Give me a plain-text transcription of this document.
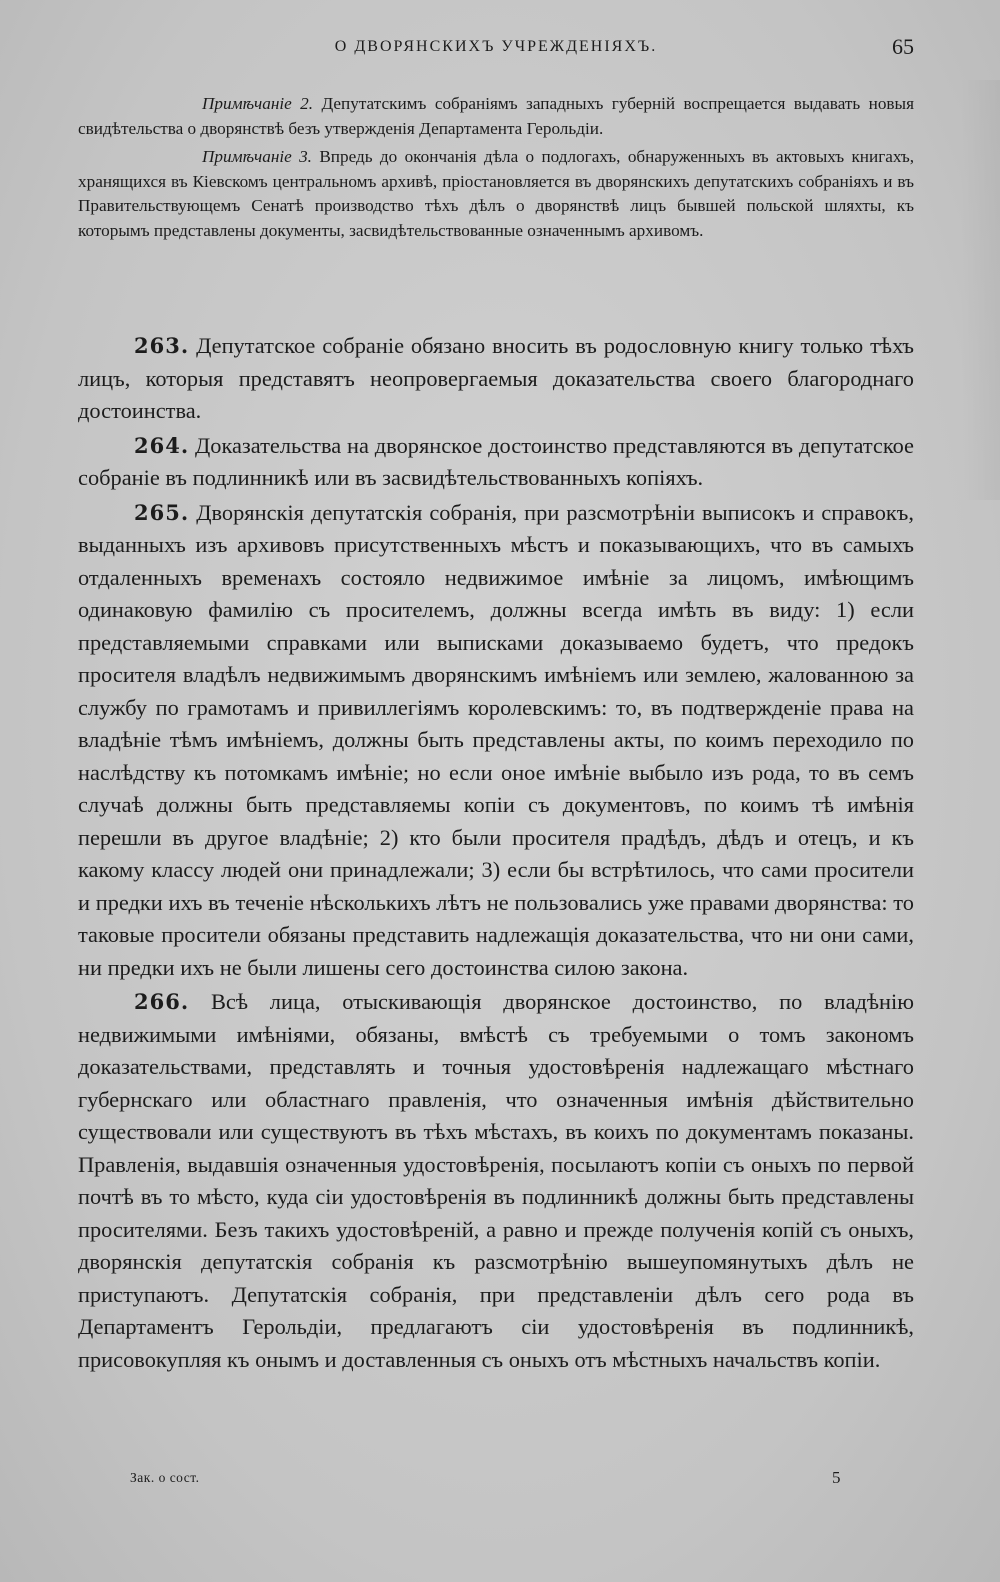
О ДВОРЯНСКИХЪ УЧРЕЖДЕНІЯХЪ.	65

Примѣчаніе 2. Депутатскимъ собраніямъ западныхъ губерній воспрещается выдавать новыя свидѣтельства о дворянствѣ безъ утвержденія Департамента Герольдіи.

Примѣчаніе 3. Впредь до окончанія дѣла о подлогахъ, обнаруженныхъ въ актовыхъ книгахъ, хранящихся въ Кіевскомъ центральномъ архивѣ, пріостановляется въ дворянскихъ депутатскихъ собраніяхъ и въ Правительствующемъ Сенатѣ производство тѣхъ дѣлъ о дворянствѣ лицъ бывшей польской шляхты, къ которымъ представлены документы, засвидѣтельствованные означеннымъ архивомъ.

263. Депутатское собраніе обязано вносить въ родословную книгу только тѣхъ лицъ, которыя представятъ неопровергаемыя доказательства своего благороднаго достоинства.

264. Доказательства на дворянское достоинство представляются въ депутатское собраніе въ подлинникѣ или въ засвидѣтельствованныхъ копіяхъ.

265. Дворянскія депутатскія собранія, при разсмотрѣніи выписокъ и справокъ, выданныхъ изъ архивовъ присутственныхъ мѣстъ и показывающихъ, что въ самыхъ отдаленныхъ временахъ состояло недвижимое имѣніе за лицомъ, имѣющимъ одинаковую фамилію съ просителемъ, должны всегда имѣть въ виду: 1) если представляемыми справками или выписками доказываемо будетъ, что предокъ просителя владѣлъ недвижимымъ дворянскимъ имѣніемъ или землею, жалованною за службу по грамотамъ и привиллегіямъ королевскимъ: то, въ подтвержденіе права на владѣніе тѣмъ имѣніемъ, должны быть представлены акты, по коимъ переходило по наслѣдству къ потомкамъ имѣніе; но если оное имѣніе выбыло изъ рода, то въ семъ случаѣ должны быть представляемы копіи съ документовъ, по коимъ тѣ имѣнія перешли въ другое владѣніе; 2) кто были просителя прадѣдъ, дѣдъ и отецъ, и къ какому классу людей они принадлежали; 3) если бы встрѣтилось, что сами просители и предки ихъ въ теченіе нѣсколькихъ лѣтъ не пользовались уже правами дворянства: то таковые просители обязаны представить надлежащія доказательства, что ни они сами, ни предки ихъ не были лишены сего достоинства силою закона.

266. Всѣ лица, отыскивающія дворянское достоинство, по владѣнію недвижимыми имѣніями, обязаны, вмѣстѣ съ требуемыми о томъ закономъ доказательствами, представлять и точныя удостовѣренія надлежащаго мѣстнаго губернскаго или областнаго правленія, что означенныя имѣнія дѣйствительно существовали или существуютъ въ тѣхъ мѣстахъ, въ коихъ по документамъ показаны. Правленія, выдавшія означенныя удостовѣренія, посылаютъ копіи съ оныхъ по первой почтѣ въ то мѣсто, куда сіи удостовѣренія въ подлинникѣ должны быть представлены просителями. Безъ такихъ удостовѣреній, а равно и прежде полученія копій съ оныхъ, дворянскія депутатскія собранія къ разсмотрѣнію вышеупомянутыхъ дѣлъ не приступаютъ. Депутатскія собранія, при представленіи дѣлъ сего рода въ Департаментъ Герольдіи, предлагаютъ сіи удостовѣренія въ подлинникѣ, присовокупляя къ онымъ и доставленныя съ оныхъ отъ мѣстныхъ начальствъ копіи.

Зак. о сост.	5
